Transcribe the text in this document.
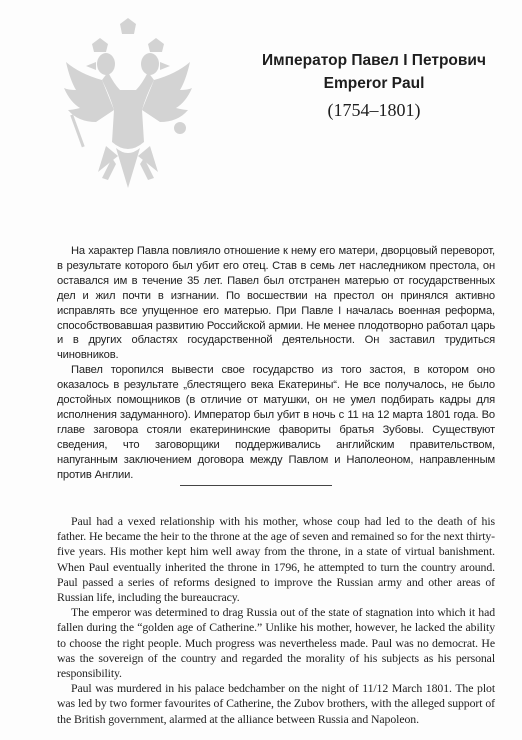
Император Павел I Петрович
Emperor Paul
(1754–1801)

На характер Павла повлияло отношение к нему его матери, дворцовый переворот, в результате которого был убит его отец. Став в семь лет наследником престола, он оставался им в течение 35 лет. Павел был отстранен матерью от государственных дел и жил почти в изгнании. По восшествии на престол он принялся активно исправлять все упущенное его матерью. При Павле I началась военная реформа, способствовавшая развитию Российской армии. Не менее плодотворно работал царь и в других областях государственной деятельности. Он заставил трудиться чиновников.

Павел торопился вывести свое государство из того застоя, в котором оно оказалось в результате „блестящего века Екатерины“. Не все получалось, не было достойных помощников (в отличие от матушки, он не умел подбирать кадры для исполнения задуманного). Император был убит в ночь с 11 на 12 марта 1801 года. Во главе заговора стояли екатерининские фавориты братья Зубовы. Существуют сведения, что заговорщики поддерживались английским правительством, напуганным заключением договора между Павлом и Наполеоном, направленным против Англии.

Paul had a vexed relationship with his mother, whose coup had led to the death of his father. He became the heir to the throne at the age of seven and remained so for the next thirty-five years. His mother kept him well away from the throne, in a state of virtual banishment. When Paul eventually inherited the throne in 1796, he attempted to turn the country around. Paul passed a series of reforms designed to improve the Russian army and other areas of Russian life, including the bureaucracy.

The emperor was determined to drag Russia out of the state of stagnation into which it had fallen during the “golden age of Catherine.” Unlike his mother, however, he lacked the ability to choose the right people. Much progress was nevertheless made. Paul was no democrat. He was the sovereign of the country and regarded the morality of his subjects as his personal responsibility.

Paul was murdered in his palace bedchamber on the night of 11/12 March 1801. The plot was led by two former favourites of Catherine, the Zubov brothers, with the alleged support of the British government, alarmed at the alliance between Russia and Napoleon.
